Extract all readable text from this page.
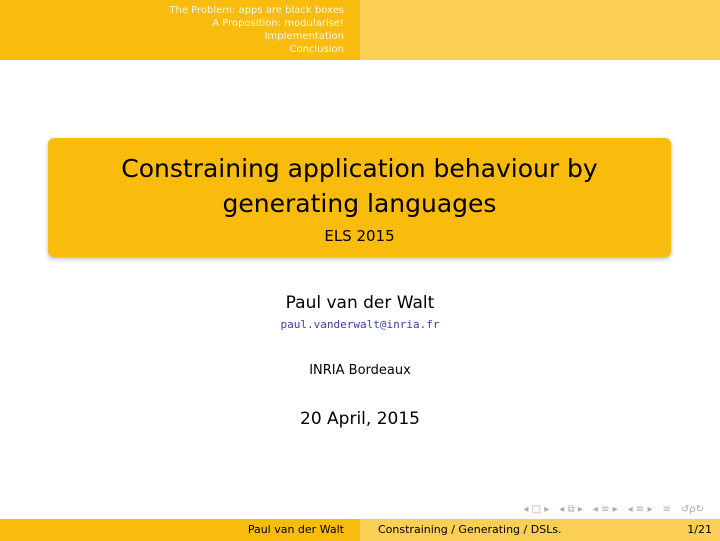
The Problem: apps are black boxes
A Proposition: modularise!
Implementation
Conclusion
Constraining application behaviour by generating languages
ELS 2015
Paul van der Walt
paul.vanderwalt@inria.fr
INRIA Bordeaux
20 April, 2015
◂ □ ▸ ◂ ⧉ ▸ ◂ ≡ ▸ ◂ ≡ ▸ ≡ ↺ρ↻
Paul van der Walt	Constraining / Generating / DSLs.	1/21
